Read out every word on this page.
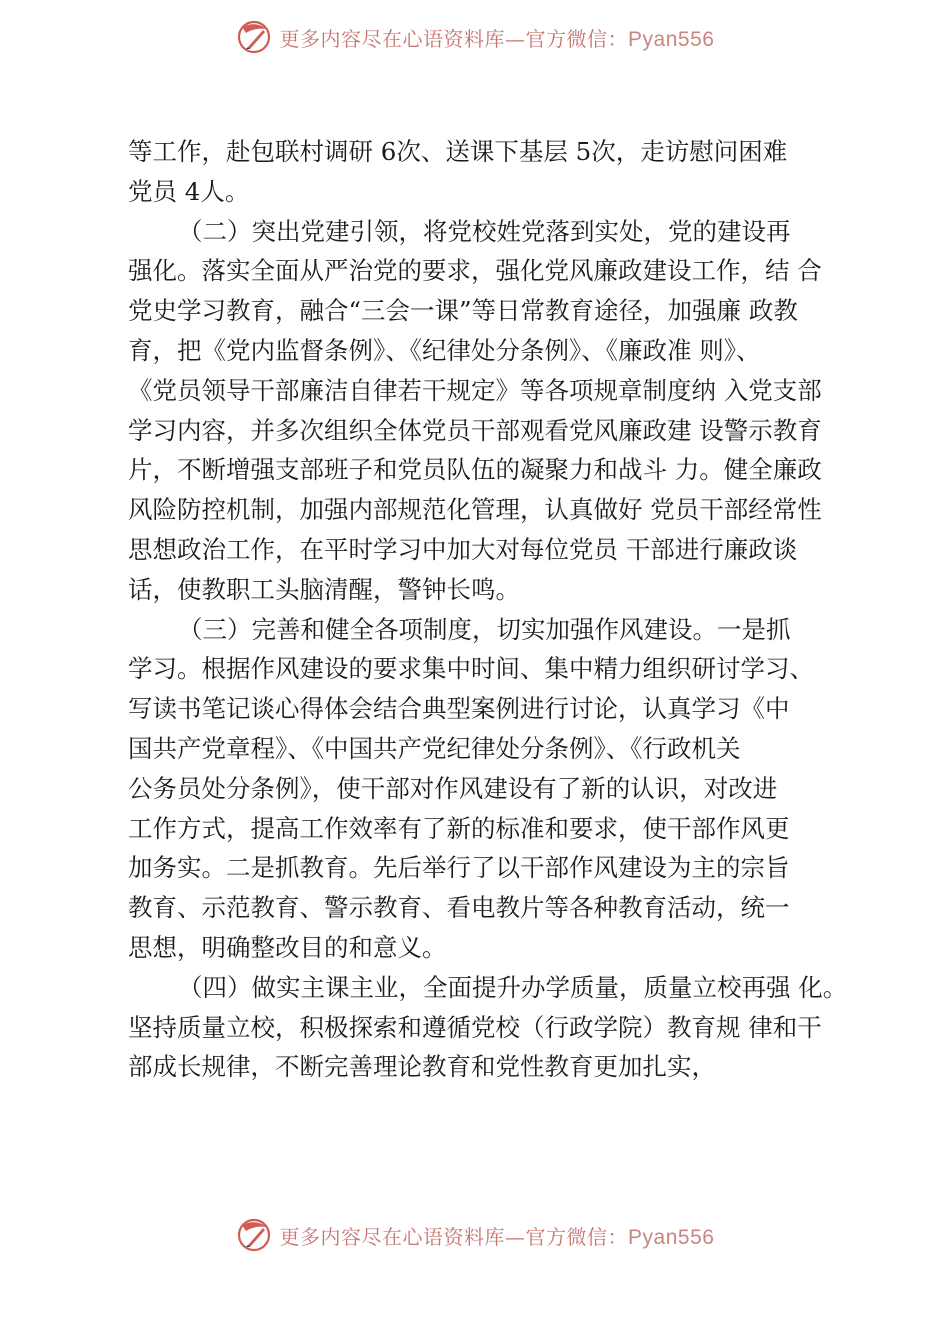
更多内容尽在心语资料库—官方微信：Pyan556
等工作，赴包联村调研 6次、送课下基层 5次，走访慰问困难
党员 4人。
（二）突出党建引领，将党校姓党落到实处，党的建设再
强化。落实全面从严治党的要求，强化党风廉政建设工作，结 合
党史学习教育，融合“三会一课”等日常教育途径，加强廉 政教
育，把《党内监督条例》、《纪律处分条例》、《廉政准 则》、
《党员领导干部廉洁自律若干规定》等各项规章制度纳 入党支部
学习内容，并多次组织全体党员干部观看党风廉政建 设警示教育
片，不断增强支部班子和党员队伍的凝聚力和战斗 力。健全廉政
风险防控机制，加强内部规范化管理，认真做好 党员干部经常性
思想政治工作，在平时学习中加大对每位党员 干部进行廉政谈
话，使教职工头脑清醒，警钟长鸣。
（三）完善和健全各项制度，切实加强作风建设。一是抓
学习。根据作风建设的要求集中时间、集中精力组织研讨学习、
写读书笔记谈心得体会结合典型案例进行讨论，认真学习《中
国共产党章程》、《中国共产党纪律处分条例》、《行政机关
公务员处分条例》，使干部对作风建设有了新的认识，对改进
工作方式，提高工作效率有了新的标准和要求，使干部作风更
加务实。二是抓教育。先后举行了以干部作风建设为主的宗旨
教育、示范教育、警示教育、看电教片等各种教育活动，统一
思想，明确整改目的和意义。
（四）做实主课主业，全面提升办学质量，质量立校再强 化。
坚持质量立校，积极探索和遵循党校（行政学院）教育规 律和干
部成长规律，不断完善理论教育和党性教育更加扎实，
更多内容尽在心语资料库—官方微信：Pyan556
